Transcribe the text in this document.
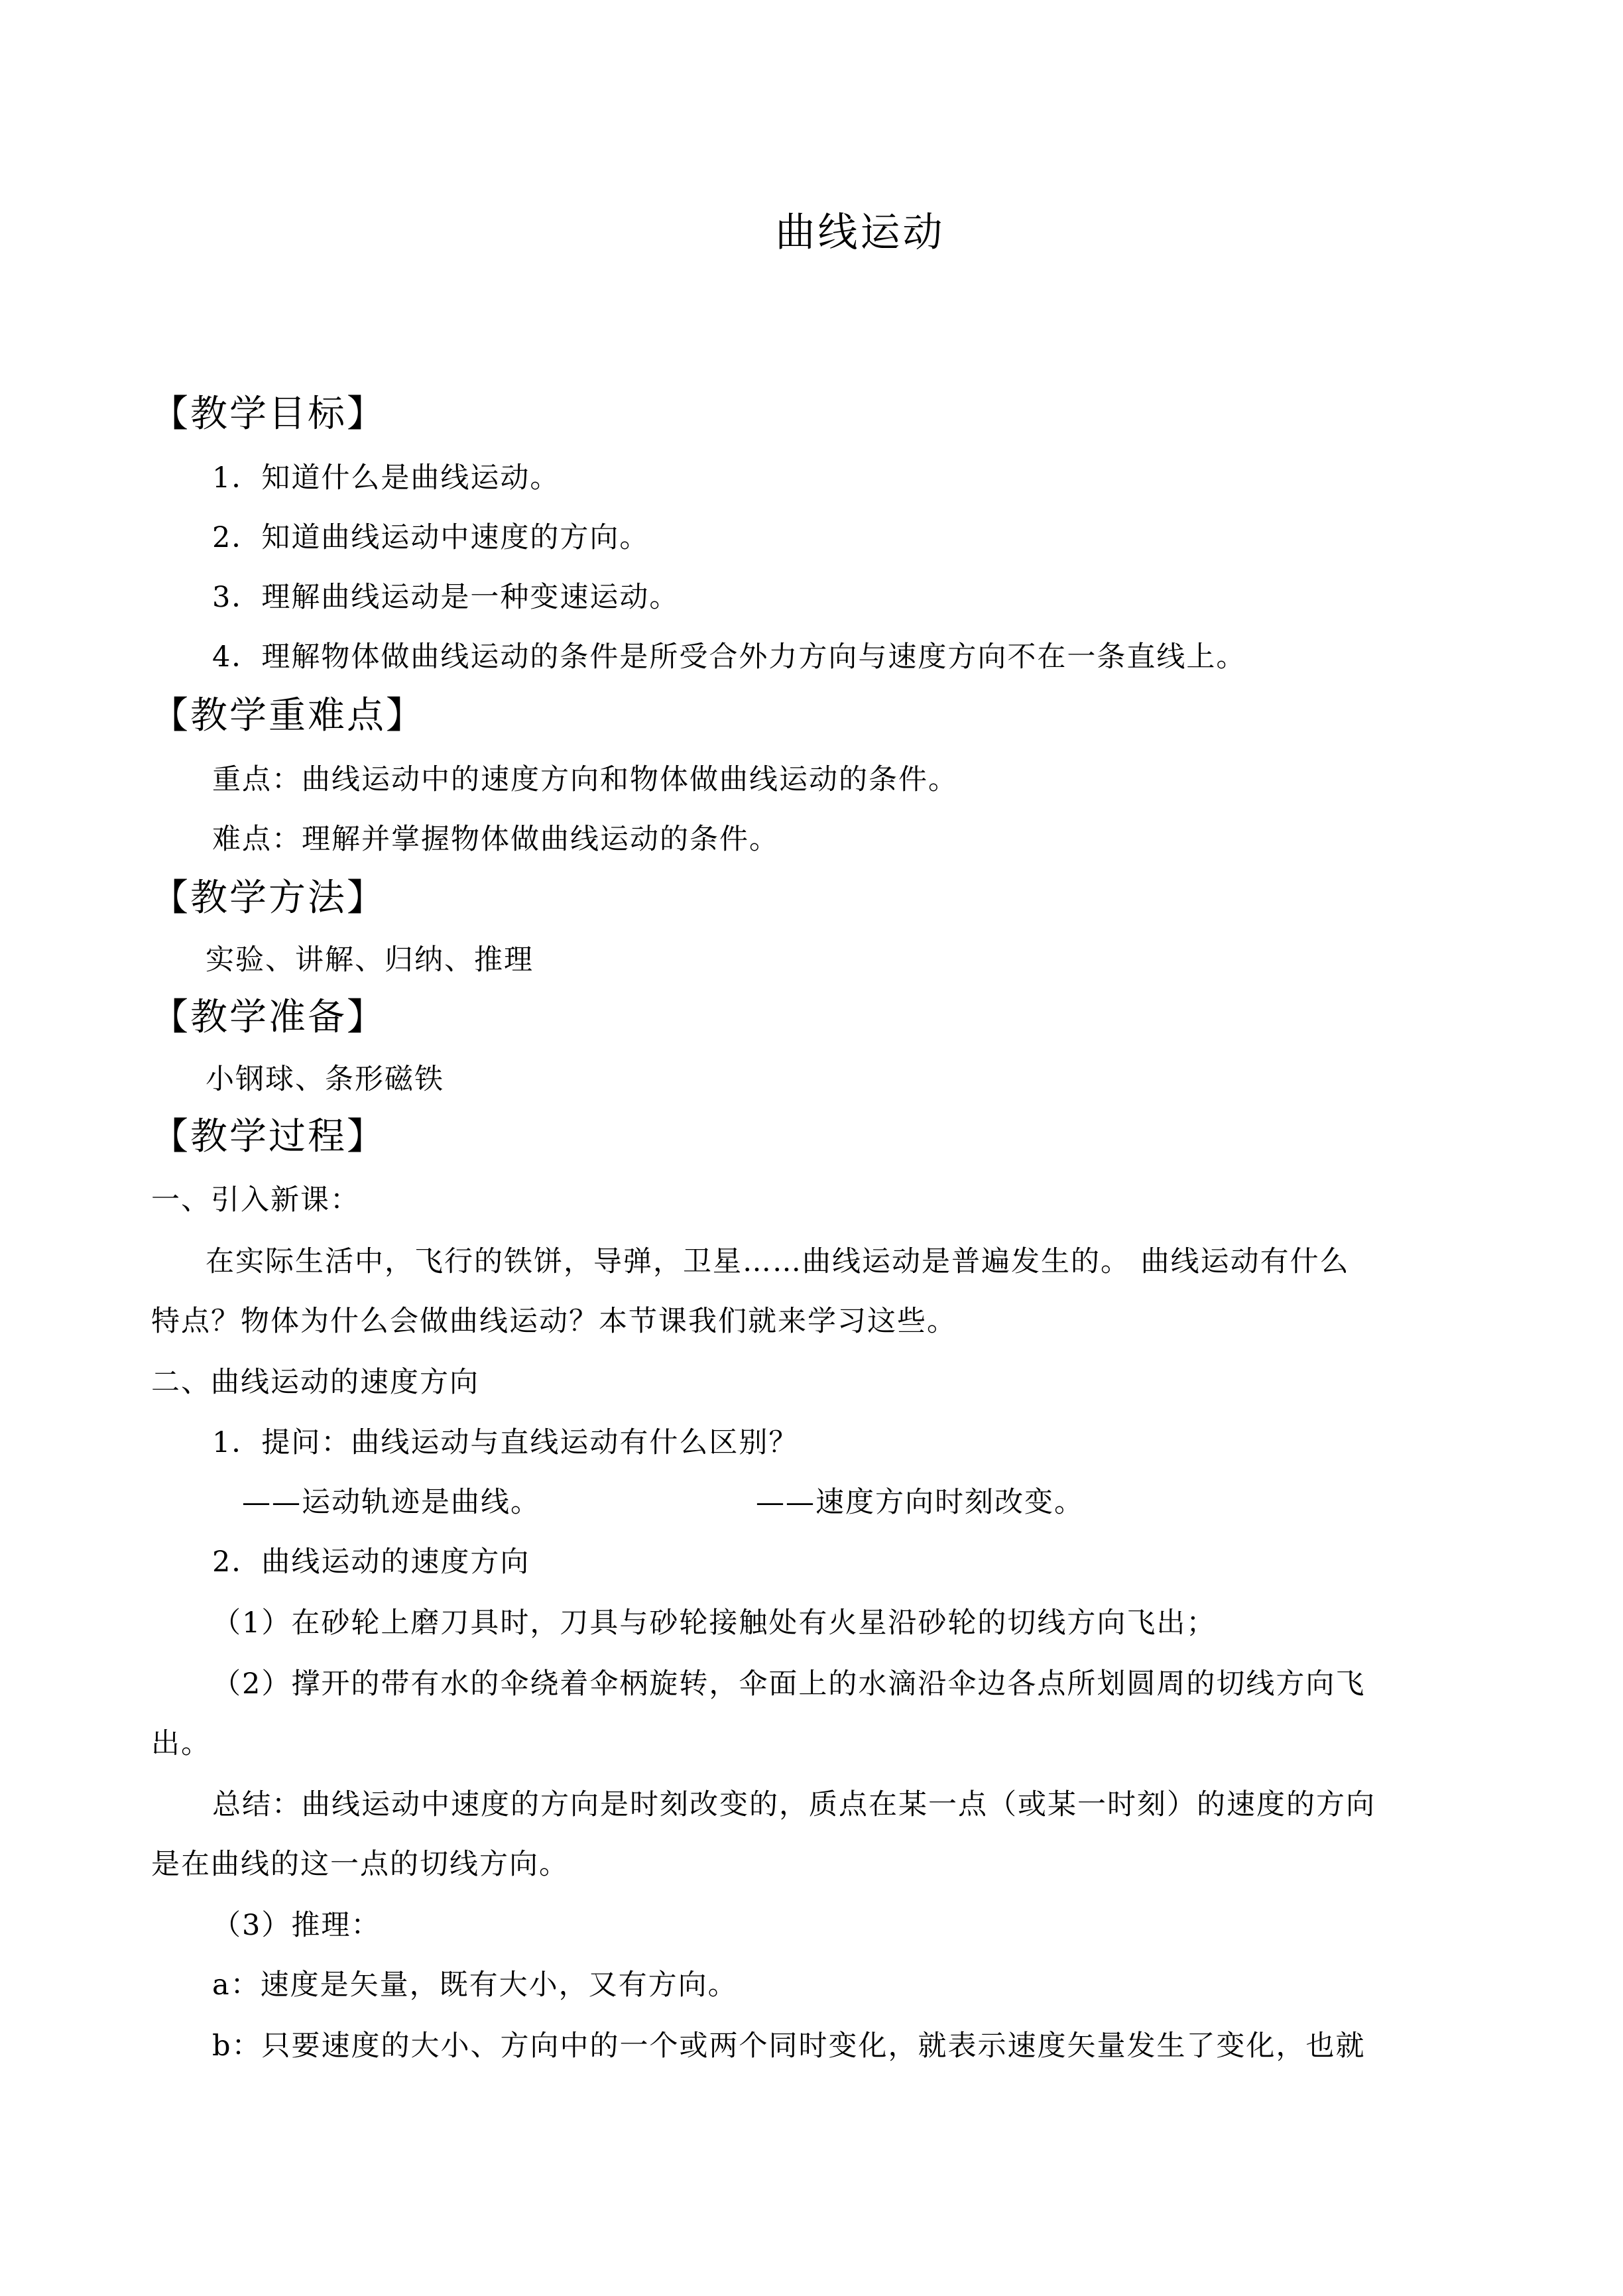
曲线运动
【教学目标】
1．知道什么是曲线运动。
2．知道曲线运动中速度的方向。
3．理解曲线运动是一种变速运动。
4．理解物体做曲线运动的条件是所受合外力方向与速度方向不在一条直线上。
【教学重难点】
重点：曲线运动中的速度方向和物体做曲线运动的条件。
难点：理解并掌握物体做曲线运动的条件。
【教学方法】
实验、讲解、归纳、推理
【教学准备】
小钢球、条形磁铁
【教学过程】
一、引入新课：
在实际生活中，飞行的铁饼，导弹，卫星……曲线运动是普遍发生的。 曲线运动有什么
特点？物体为什么会做曲线运动？本节课我们就来学习这些。
二、曲线运动的速度方向
1．提问：曲线运动与直线运动有什么区别？
——运动轨迹是曲线。	——速度方向时刻改变。
2．曲线运动的速度方向
（1）在砂轮上磨刀具时，刀具与砂轮接触处有火星沿砂轮的切线方向飞出；
（2）撑开的带有水的伞绕着伞柄旋转，伞面上的水滴沿伞边各点所划圆周的切线方向飞
出。
总结：曲线运动中速度的方向是时刻改变的，质点在某一点（或某一时刻）的速度的方向
是在曲线的这一点的切线方向。
（3）推理：
a：速度是矢量，既有大小，又有方向。
b：只要速度的大小、方向中的一个或两个同时变化，就表示速度矢量发生了变化，也就
